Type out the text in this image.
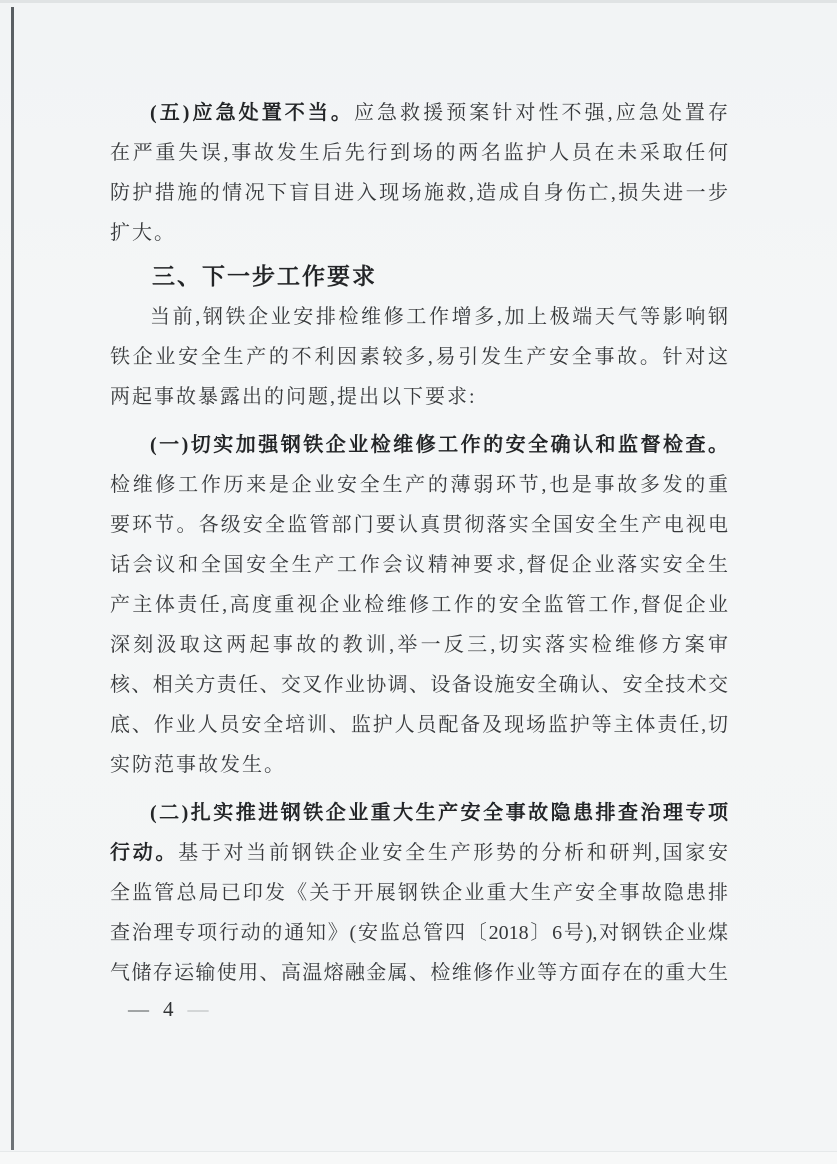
(五)应急处置不当。应急救援预案针对性不强,应急处置存
在严重失误,事故发生后先行到场的两名监护人员在未采取任何
防护措施的情况下盲目进入现场施救,造成自身伤亡,损失进一步
扩大。
三、下一步工作要求
当前,钢铁企业安排检维修工作增多,加上极端天气等影响钢
铁企业安全生产的不利因素较多,易引发生产安全事故。针对这
两起事故暴露出的问题,提出以下要求:
(一)切实加强钢铁企业检维修工作的安全确认和监督检查。
检维修工作历来是企业安全生产的薄弱环节,也是事故多发的重
要环节。各级安全监管部门要认真贯彻落实全国安全生产电视电
话会议和全国安全生产工作会议精神要求,督促企业落实安全生
产主体责任,高度重视企业检维修工作的安全监管工作,督促企业
深刻汲取这两起事故的教训,举一反三,切实落实检维修方案审
核、相关方责任、交叉作业协调、设备设施安全确认、安全技术交
底、作业人员安全培训、监护人员配备及现场监护等主体责任,切
实防范事故发生。
(二)扎实推进钢铁企业重大生产安全事故隐患排查治理专项
行动。基于对当前钢铁企业安全生产形势的分析和研判,国家安
全监管总局已印发《关于开展钢铁企业重大生产安全事故隐患排
查治理专项行动的通知》(安监总管四〔2018〕6号),对钢铁企业煤
气储存运输使用、高温熔融金属、检维修作业等方面存在的重大生
— 4 —
